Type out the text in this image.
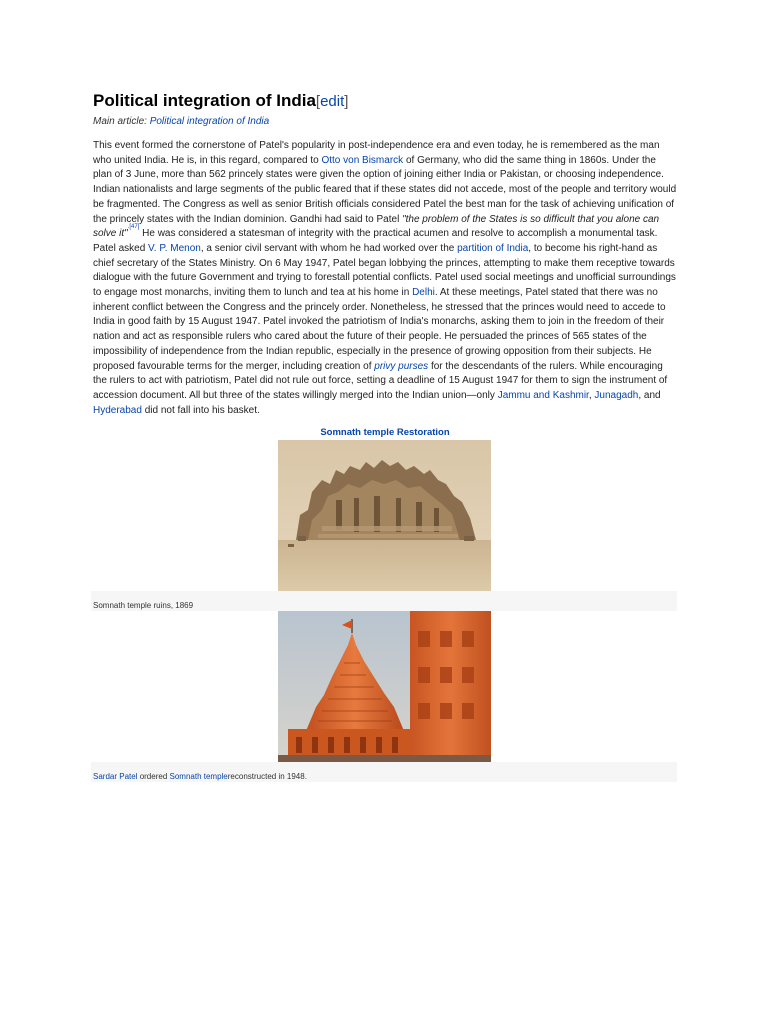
Political integration of India[edit]
Main article: Political integration of India
This event formed the cornerstone of Patel's popularity in post-independence era and even today, he is remembered as the man who united India. He is, in this regard, compared to Otto von Bismarck of Germany, who did the same thing in 1860s. Under the plan of 3 June, more than 562 princely states were given the option of joining either India or Pakistan, or choosing independence. Indian nationalists and large segments of the public feared that if these states did not accede, most of the people and territory would be fragmented. The Congress as well as senior British officials considered Patel the best man for the task of achieving unification of the princely states with the Indian dominion. Gandhi had said to Patel "the problem of the States is so difficult that you alone can solve it"$^{.[47]}$ He was considered a statesman of integrity with the practical acumen and resolve to accomplish a monumental task. Patel asked V. P. Menon, a senior civil servant with whom he had worked over the partition of India, to become his right-hand as chief secretary of the States Ministry. On 6 May 1947, Patel began lobbying the princes, attempting to make them receptive towards dialogue with the future Government and trying to forestall potential conflicts. Patel used social meetings and unofficial surroundings to engage most monarchs, inviting them to lunch and tea at his home in Delhi. At these meetings, Patel stated that there was no inherent conflict between the Congress and the princely order. Nonetheless, he stressed that the princes would need to accede to India in good faith by 15 August 1947. Patel invoked the patriotism of India's monarchs, asking them to join in the freedom of their nation and act as responsible rulers who cared about the future of their people. He persuaded the princes of 565 states of the impossibility of independence from the Indian republic, especially in the presence of growing opposition from their subjects. He proposed favourable terms for the merger, including creation of privy purses for the descendants of the rulers. While encouraging the rulers to act with patriotism, Patel did not rule out force, setting a deadline of 15 August 1947 for them to sign the instrument of accession document. All but three of the states willingly merged into the Indian union—only Jammu and Kashmir, Junagadh, and Hyderabad did not fall into his basket.
Somnath temple Restoration
Somnath temple ruins, 1869
Sardar Patel ordered Somnath templereconstructed in 1948.
